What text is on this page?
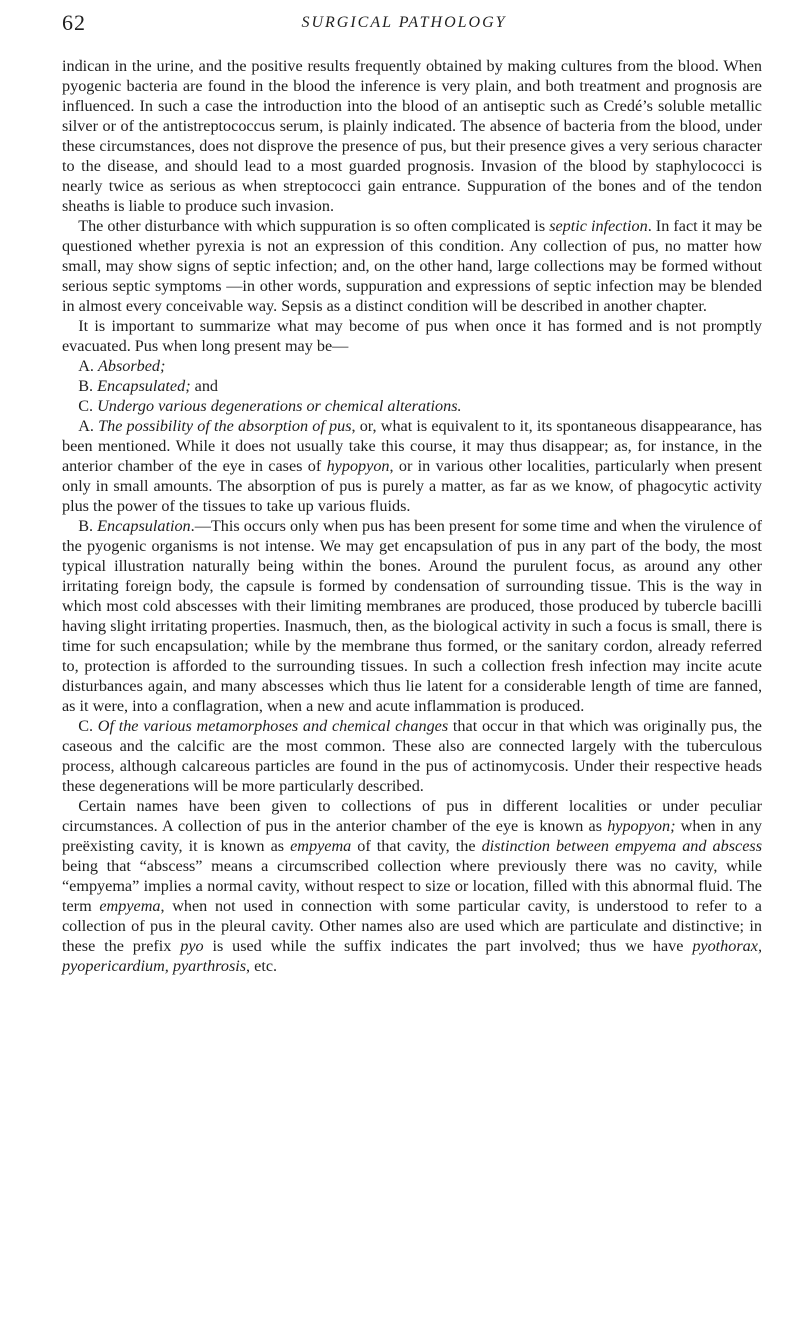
62	SURGICAL PATHOLOGY

indican in the urine, and the positive results frequently obtained by making cultures from the blood. When pyogenic bacteria are found in the blood the inference is very plain, and both treatment and prognosis are influenced. In such a case the introduction into the blood of an antiseptic such as Credé’s soluble metallic silver or of the antistreptococcus serum, is plainly indicated. The absence of bacteria from the blood, under these circumstances, does not disprove the presence of pus, but their presence gives a very serious character to the disease, and should lead to a most guarded prognosis. Invasion of the blood by staphylococci is nearly twice as serious as when streptococci gain entrance. Suppuration of the bones and of the tendon sheaths is liable to produce such invasion.

The other disturbance with which suppuration is so often complicated is septic infection. In fact it may be questioned whether pyrexia is not an expression of this condition. Any collection of pus, no matter how small, may show signs of septic infection; and, on the other hand, large collections may be formed without serious septic symptoms —in other words, suppuration and expressions of septic infection may be blended in almost every conceivable way. Sepsis as a distinct condition will be described in another chapter.

It is important to summarize what may become of pus when once it has formed and is not promptly evacuated. Pus when long present may be—

A. Absorbed;

B. Encapsulated; and

C. Undergo various degenerations or chemical alterations.

A. The possibility of the absorption of pus, or, what is equivalent to it, its spontaneous disappearance, has been mentioned. While it does not usually take this course, it may thus disappear; as, for instance, in the anterior chamber of the eye in cases of hypopyon, or in various other localities, particularly when present only in small amounts. The absorption of pus is purely a matter, as far as we know, of phagocytic activity plus the power of the tissues to take up various fluids.

B. Encapsulation.—This occurs only when pus has been present for some time and when the virulence of the pyogenic organisms is not intense. We may get encapsulation of pus in any part of the body, the most typical illustration naturally being within the bones. Around the purulent focus, as around any other irritating foreign body, the capsule is formed by condensation of surrounding tissue. This is the way in which most cold abscesses with their limiting membranes are produced, those produced by tubercle bacilli having slight irritating properties. Inasmuch, then, as the biological activity in such a focus is small, there is time for such encapsulation; while by the membrane thus formed, or the sanitary cordon, already referred to, protection is afforded to the surrounding tissues. In such a collection fresh infection may incite acute disturbances again, and many abscesses which thus lie latent for a considerable length of time are fanned, as it were, into a conflagration, when a new and acute inflammation is produced.

C. Of the various metamorphoses and chemical changes that occur in that which was originally pus, the caseous and the calcific are the most common. These also are connected largely with the tuberculous process, although calcareous particles are found in the pus of actinomycosis. Under their respective heads these degenerations will be more particularly described.

Certain names have been given to collections of pus in different localities or under peculiar circumstances. A collection of pus in the anterior chamber of the eye is known as hypopyon; when in any preëxisting cavity, it is known as empyema of that cavity, the distinction between empyema and abscess being that “abscess” means a circumscribed collection where previously there was no cavity, while “empyema” implies a normal cavity, without respect to size or location, filled with this abnormal fluid. The term empyema, when not used in connection with some particular cavity, is understood to refer to a collection of pus in the pleural cavity. Other names also are used which are particulate and distinctive; in these the prefix pyo is used while the suffix indicates the part involved; thus we have pyothorax, pyopericardium, pyarthrosis, etc.
